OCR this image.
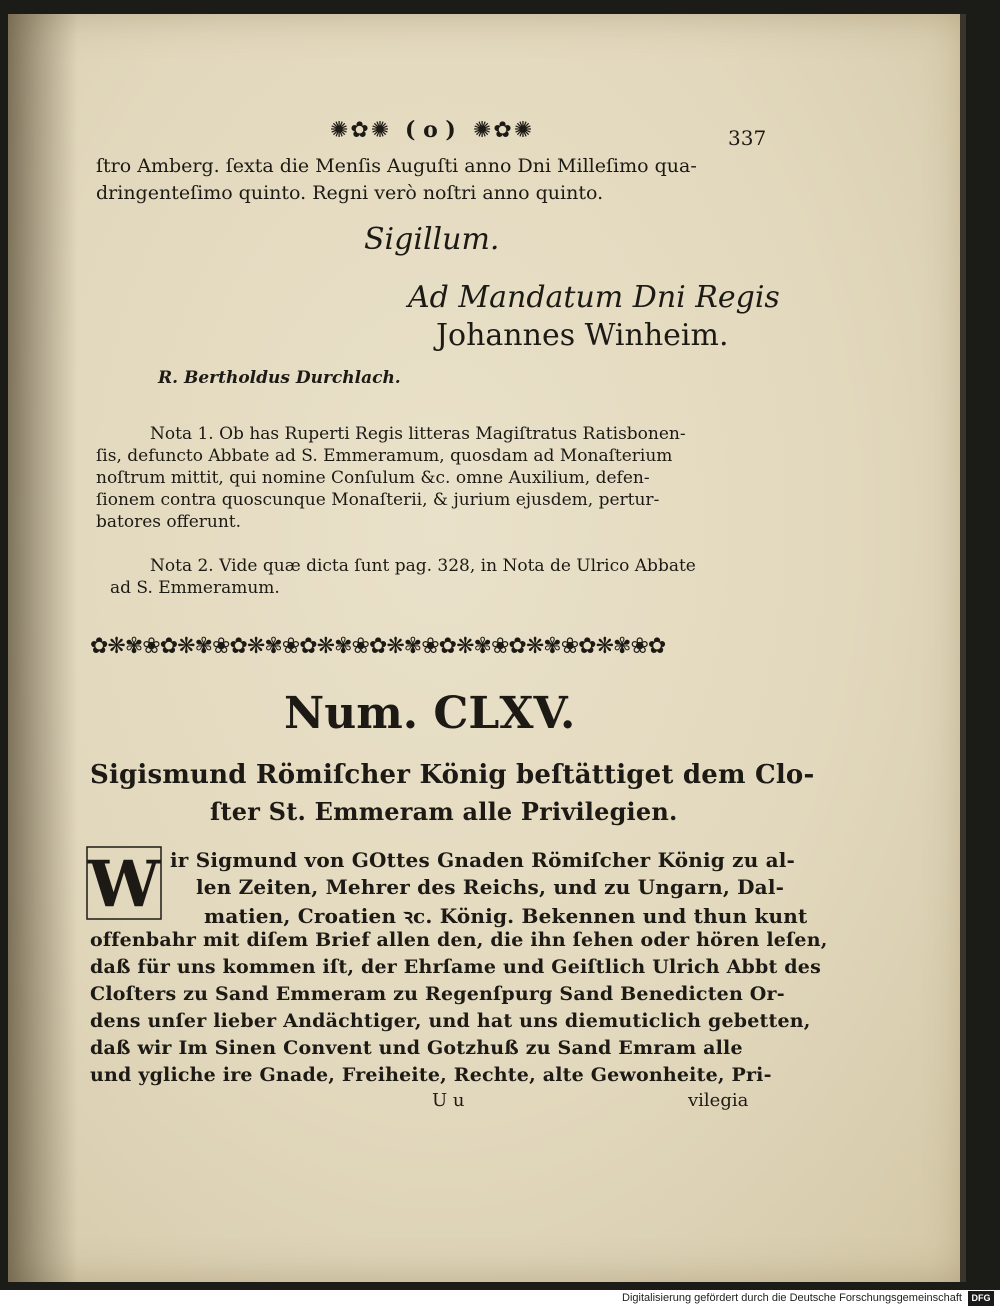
✺✿✺ ( o ) ✺✿✺	337
ſtro Amberg. ſexta die Menſis Auguſti anno Dni Milleſimo qua-
dringenteſimo quinto. Regni verò noſtri anno quinto.
Sigillum.
Ad Mandatum Dni Regis
Johannes Winheim.
R. Bertholdus Durchlach.
Nota 1. Ob has Ruperti Regis litteras Magiſtratus Ratisbonen-
ſis, defuncto Abbate ad S. Emmeramum, quosdam ad Monaſterium
noſtrum mittit, qui nomine Conſulum &c. omne Auxilium, defen-
ſionem contra quoscunque Monaſterii, & jurium ejusdem, pertur-
batores offerunt.
Nota 2. Vide quæ dicta ſunt pag. 328, in Nota de Ulrico Abbate
ad S. Emmeramum.
✿❋✾❀✿❋✾❀✿❋✾❀✿❋✾❀✿❋✾❀✿❋✾❀✿❋✾❀✿❋✾❀✿
Num. CLXV.
Sigismund Römiſcher König beſtättiget dem Clo-
ſter St. Emmeram alle Privilegien.
W ir Sigmund von GOttes Gnaden Römiſcher König zu al-
len Zeiten, Mehrer des Reichs, und zu Ungarn, Dal-
matien, Croatien ꝛc. König. Bekennen und thun kunt
offenbahr mit diſem Brief allen den, die ihn ſehen oder hören leſen,
daß für uns kommen iſt, der Ehrſame und Geiſtlich Ulrich Abbt des
Cloſters zu Sand Emmeram zu Regenſpurg Sand Benedicten Or-
dens unſer lieber Andächtiger, und hat uns diemuticlich gebetten,
daß wir Im Sinen Convent und Gotzhuß zu Sand Emram alle
und ygliche ire Gnade, Freiheite, Rechte, alte Gewonheite, Pri-
U u	vilegia
Digitalisierung gefördert durch die Deutsche Forschungsgemeinschaft	DFG
